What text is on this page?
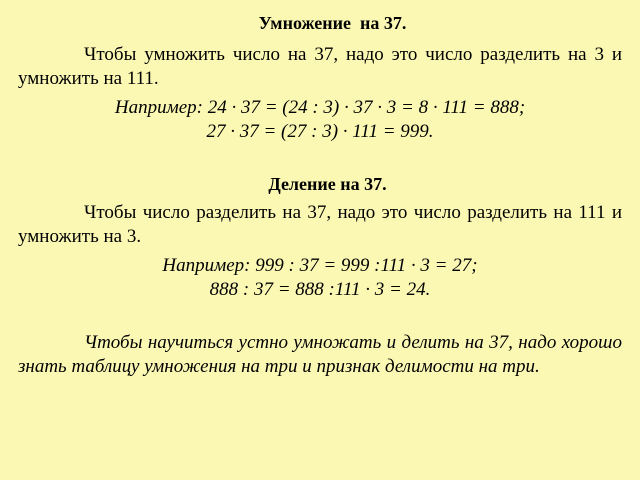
Умножение  на 37.

Чтобы умножить число на 37, надо это число разделить на 3 и умножить на 111.

Например: 24 · 37 = (24 : 3) · 37 · 3 = 8 · 111 = 888;

27 · 37 = (27 : 3) · 111 = 999.

Деление на 37.

Чтобы число разделить на 37, надо это число разделить на 111 и умножить на 3.

Например: 999 : 37 = 999 :111 · 3 = 27;

888 : 37 = 888 :111 · 3 = 24.

Чтобы научиться устно умножать и делить на 37, надо хорошо знать таблицу умножения на три и признак делимости на три.
